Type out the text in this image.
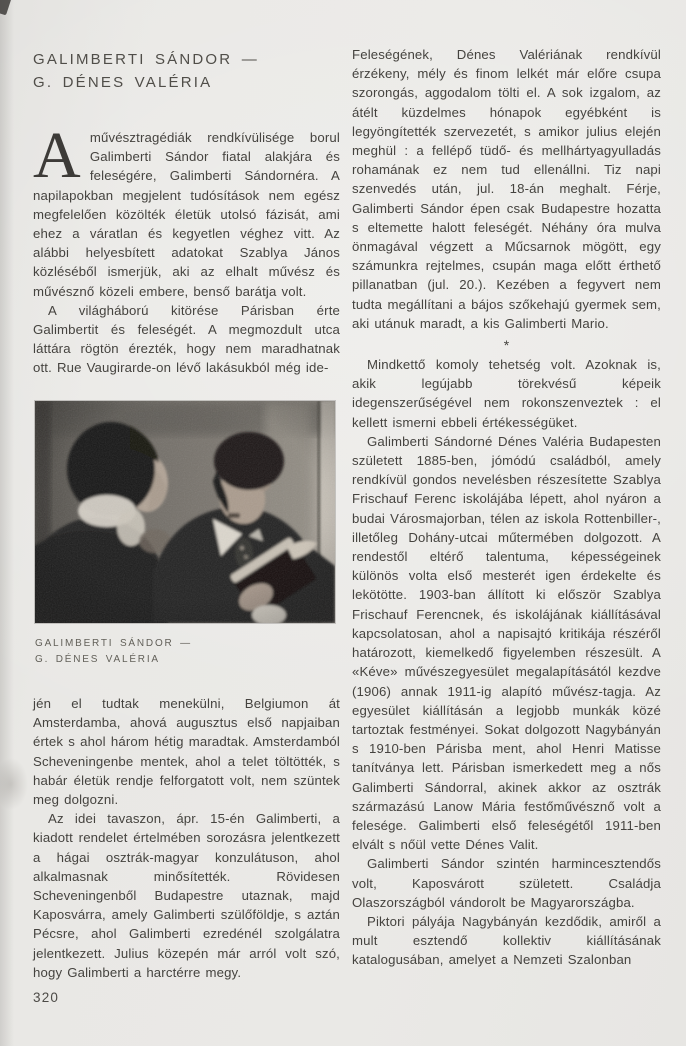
GALIMBERTI SÁNDOR —
G. DÉNES VALÉRIA

Aművésztragédiák rendkívülisége borul Galimberti Sándor fiatal alakjára és feleségére, Galimberti Sándornéra. A napilapokban megjelent tudósítások nem egész megfelelően közölték életük utolsó fázisát, ami ehez a váratlan és kegyetlen véghez vitt. Az alábbi helyesbített adatokat Szablya János közléséből ismerjük, aki az elhalt művész és művésznő közeli embere, benső barátja volt.

A világháború kitörése Párisban érte Galimbertit és feleségét. A megmozdult utca láttára rögtön érezték, hogy nem maradhatnak ott. Rue Vaugirarde-on lévő lakásukból még ide-

GALIMBERTI SÁNDOR —
G. DÉNES VALÉRIA

jén el tudtak menekülni, Belgiumon át Amsterdamba, ahová augusztus első napjaiban értek s ahol három hétig maradtak. Amsterdamból Scheveningenbe mentek, ahol a telet töltötték, s habár életük rendje felforgatott volt, nem szüntek meg dolgozni.

Az idei tavaszon, ápr. 15-én Galimberti, a kiadott rendelet értelmében sorozásra jelentkezett a hágai osztrák-magyar konzulátuson, ahol alkalmasnak minősítették. Rövidesen Scheveningenből Budapestre utaznak, majd Kaposvárra, amely Galimberti szülőföldje, s aztán Pécsre, ahol Galimberti ezredénél szolgálatra jelentkezett. Julius közepén már arról volt szó, hogy Galimberti a harctérre megy.

Feleségének, Dénes Valériának rendkívül érzékeny, mély és finom lelkét már előre csupa szorongás, aggodalom tölti el. A sok izgalom, az átélt küzdelmes hónapok egyébként is legyöngítették szervezetét, s amikor julius elején meghül : a fellépő tüdő- és mellhártyagyulladás rohamának ez nem tud ellenállni. Tiz napi szenvedés után, jul. 18-án meghalt. Férje, Galimberti Sándor épen csak Budapestre hozatta s eltemette halott feleségét. Néhány óra mulva önmagával végzett a Műcsarnok mögött, egy számunkra rejtelmes, csupán maga előtt érthető pillanatban (jul. 20.). Kezében a fegyvert nem tudta megállítani a bájos szőkehajú gyermek sem, aki utánuk maradt, a kis Galimberti Mario.

*

Mindkettő komoly tehetség volt. Azoknak is, akik legújabb törekvésű képeik idegenszerűségével nem rokonszenveztek : el kellett ismerni ebbeli értékességüket.

Galimberti Sándorné Dénes Valéria Budapesten született 1885-ben, jómódú családból, amely rendkívül gondos nevelésben részesítette Szablya Frischauf Ferenc iskolájába lépett, ahol nyáron a budai Városmajorban, télen az iskola Rottenbiller-, illetőleg Dohány-utcai műtermében dolgozott. A rendestől eltérő talentuma, képességeinek különös volta első mesterét igen érdekelte és lekötötte. 1903-ban állított ki először Szablya Frischauf Ferencnek, és iskolájának kiállításával kapcsolatosan, ahol a napisajtó kritikája részéről határozott, kiemelkedő figyelemben részesült. A «Kéve» művészegyesület megalapításától kezdve (1906) annak 1911-ig alapító művész-tagja. Az egyesület kiállításán a legjobb munkák közé tartoztak festményei. Sokat dolgozott Nagybányán s 1910-ben Párisba ment, ahol Henri Matisse tanítványa lett. Párisban ismerkedett meg a nős Galimberti Sándorral, akinek akkor az osztrák származású Lanow Mária festőművésznő volt a felesége. Galimberti első feleségétől 1911-ben elvált s nőül vette Dénes Valit.

Galimberti Sándor szintén harmincesztendős volt, Kaposvárott született. Családja Olaszországból vándorolt be Magyarországba.

Piktori pályája Nagybányán kezdődik, amiről a mult esztendő kollektiv kiállításának katalogusában, amelyet a Nemzeti Szalonban

320
